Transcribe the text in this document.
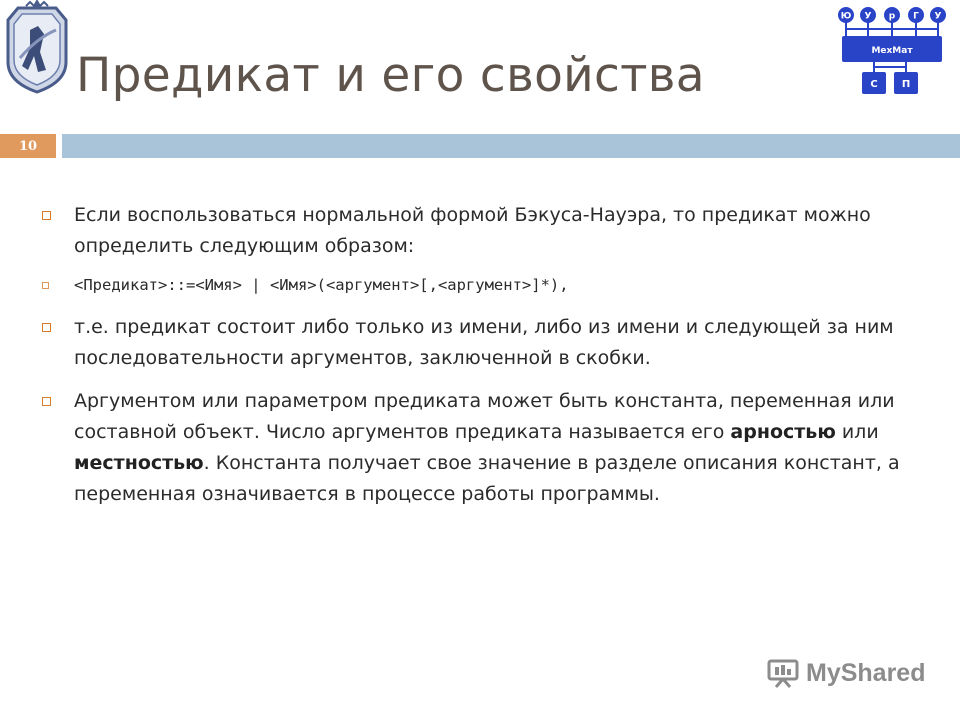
Предикат и его свойства
Ю У р Г У
МехМат
С П
10
Если воспользоваться нормальной формой Бэкуса-Науэра, то предикат можно определить следующим образом:
<Предикат>::=<Имя> | <Имя>(<аргумент>[,<аргумент>]*),
т.е. предикат состоит либо только из имени, либо из имени и следующей за ним последовательности аргументов, заключенной в скобки.
Аргументом или параметром предиката может быть константа, переменная или составной объект. Число аргументов предиката называется его арностью или местностью. Константа получает свое значение в разделе описания констант, а переменная означивается в процессе работы программы.
MyShared
